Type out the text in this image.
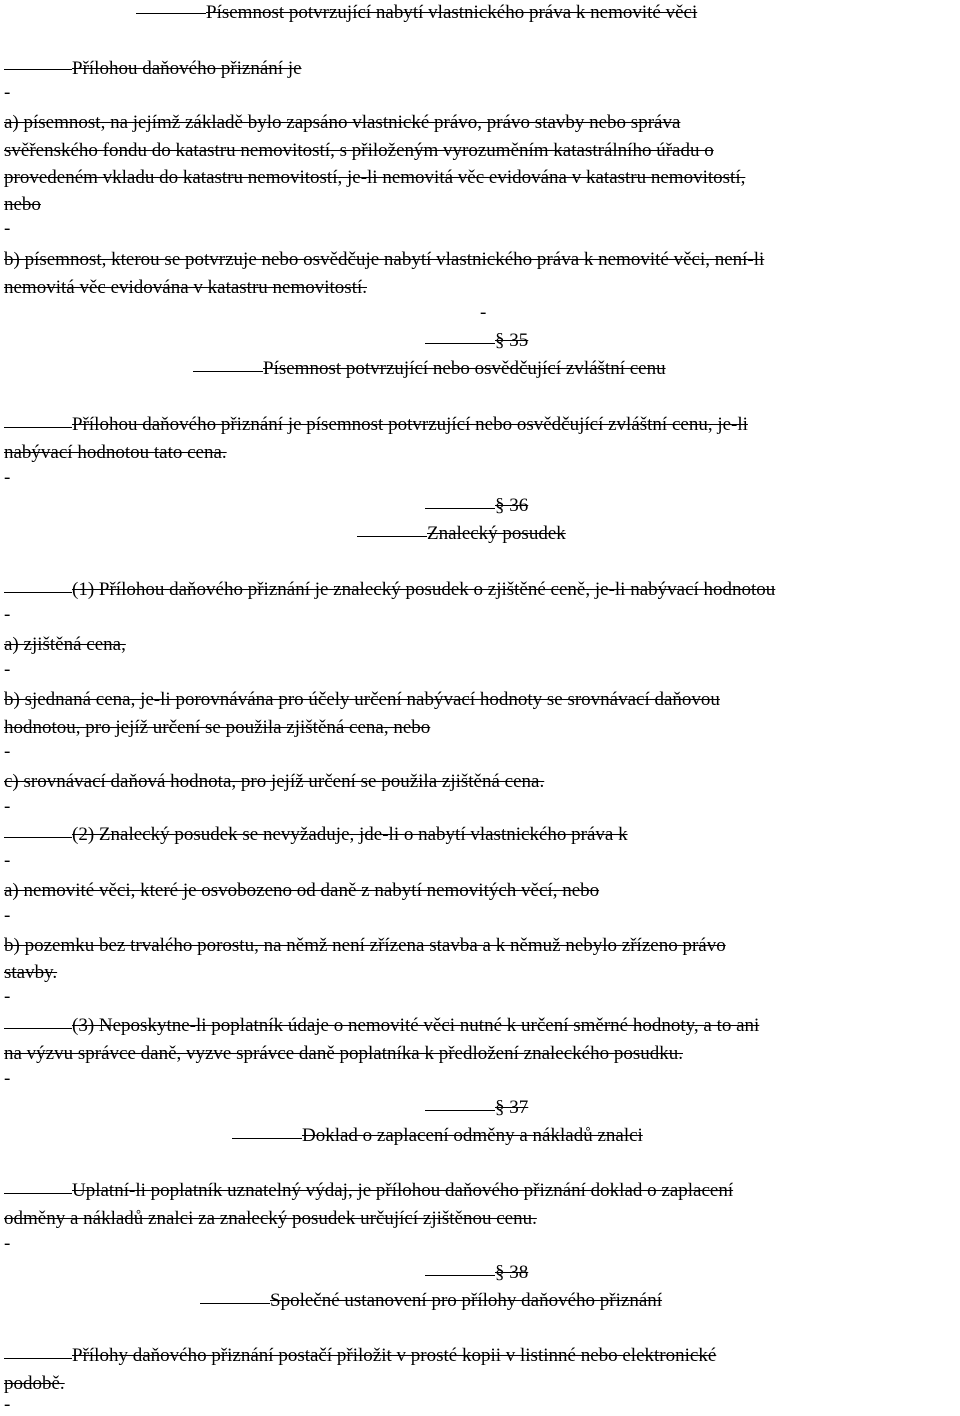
Písemnost potvrzující nabytí vlastnického práva k nemovité věci
Přílohou daňového přiznání je
-
a) písemnost, na jejímž základě bylo zapsáno vlastnické právo, právo stavby nebo správa
svěřenského fondu do katastru nemovitostí, s přiloženým vyrozuměním katastrálního úřadu o
provedeném vkladu do katastru nemovitostí, je-li nemovitá věc evidována v katastru nemovitostí,
nebo
-
b) písemnost, kterou se potvrzuje nebo osvědčuje nabytí vlastnického práva k nemovité věci, není-li
nemovitá věc evidována v katastru nemovitostí.
-
§ 35
Písemnost potvrzující nebo osvědčující zvláštní cenu
Přílohou daňového přiznání je písemnost potvrzující nebo osvědčující zvláštní cenu, je-li
nabývací hodnotou tato cena.
-
§ 36
Znalecký posudek
(1) Přílohou daňového přiznání je znalecký posudek o zjištěné ceně, je-li nabývací hodnotou
-
a) zjištěná cena,
-
b) sjednaná cena, je-li porovnávána pro účely určení nabývací hodnoty se srovnávací daňovou
hodnotou, pro jejíž určení se použila zjištěná cena, nebo
-
c) srovnávací daňová hodnota, pro jejíž určení se použila zjištěná cena.
-
(2) Znalecký posudek se nevyžaduje, jde-li o nabytí vlastnického práva k
-
a) nemovité věci, které je osvobozeno od daně z nabytí nemovitých věcí, nebo
-
b) pozemku bez trvalého porostu, na němž není zřízena stavba a k němuž nebylo zřízeno právo
stavby.
-
(3) Neposkytne-li poplatník údaje o nemovité věci nutné k určení směrné hodnoty, a to ani
na výzvu správce daně, vyzve správce daně poplatníka k předložení znaleckého posudku.
-
§ 37
Doklad o zaplacení odměny a nákladů znalci
Uplatní-li poplatník uznatelný výdaj, je přílohou daňového přiznání doklad o zaplacení
odměny a nákladů znalci za znalecký posudek určující zjištěnou cenu.
-
§ 38
Společné ustanovení pro přílohy daňového přiznání
Přílohy daňového přiznání postačí přiložit v prosté kopii v listinné nebo elektronické
podobě.
-
